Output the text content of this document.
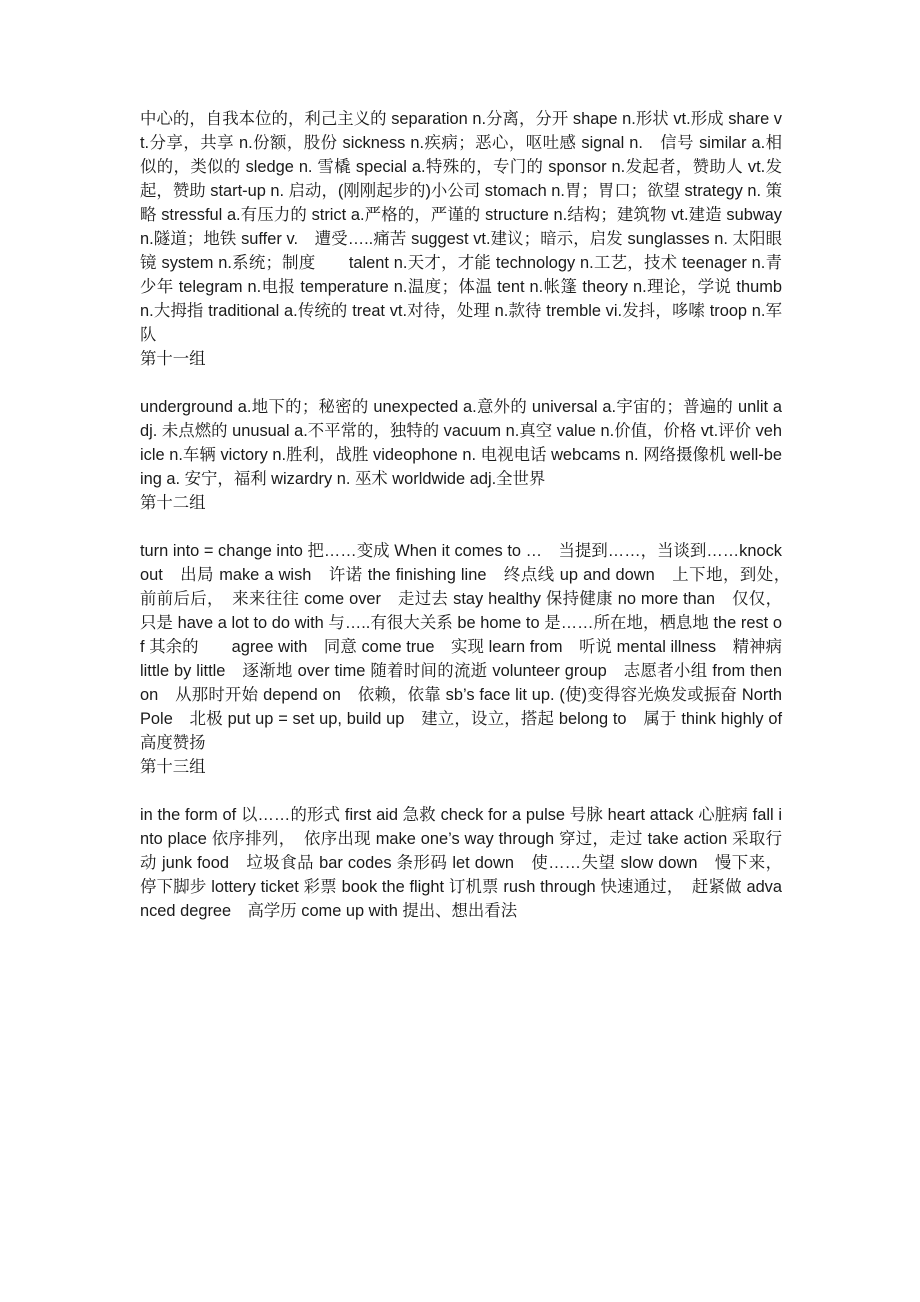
中心的，自我本位的，利己主义的 separation n.分离，分开 shape n.形状 vt.形成 share vt.分享，共享 n.份额，股份 sickness n.疾病；恶心，呕吐感 signal n.　信号 similar a.相似的，类似的 sledge n. 雪橇 special a.特殊的，专门的 sponsor n.发起者，赞助人 vt.发起，赞助 start-up n. 启动，(刚刚起步的)小公司 stomach n.胃；胃口；欲望 strategy n. 策略 stressful a.有压力的 strict a.严格的，严谨的 structure n.结构；建筑物 vt.建造 subway n.隧道；地铁 suffer v.　遭受…..痛苦 suggest vt.建议；暗示，启发 sunglasses n. 太阳眼镜 system n.系统；制度　　talent n.天才，才能 technology n.工艺，技术 teenager n.青少年 telegram n.电报 temperature n.温度；体温 tent n.帐篷 theory n.理论，学说 thumb n.大拇指 traditional a.传统的 treat vt.对待，处理 n.款待 tremble vi.发抖，哆嗦 troop n.军队

第十一组

underground a.地下的；秘密的 unexpected a.意外的 universal a.宇宙的；普遍的 unlit adj. 未点燃的 unusual a.不平常的，独特的 vacuum n.真空 value n.价值，价格 vt.评价 vehicle n.车辆 victory n.胜利，战胜 videophone n. 电视电话 webcams n. 网络摄像机 well-being a. 安宁，福利 wizardry n. 巫术 worldwide adj.全世界

第十二组

turn into = change into 把……变成 When it comes to …　当提到……，当谈到……knock out　出局 make a wish　许诺 the finishing line　终点线 up and down　上下地，到处，　前前后后，　来来往往 come over　走过去 stay healthy 保持健康 no more than　仅仅，只是 have a lot to do with 与…..有很大关系 be home to 是……所在地，栖息地 the rest of 其余的　　agree with　同意 come true　实现 learn from　听说 mental illness　精神病 little by little　逐渐地 over time 随着时间的流逝 volunteer group　志愿者小组 from then on　从那时开始 depend on　依赖，依靠 sb’s face lit up. (使)变得容光焕发或振奋 North Pole　北极 put up = set up, build up　建立，设立，搭起 belong to　属于 think highly of 高度赞扬

第十三组

in the form of 以……的形式 first aid 急救 check for a pulse 号脉 heart attack 心脏病 fall into place 依序排列，　依序出现 make one’s way through 穿过，走过 take action 采取行动 junk food　垃圾食品 bar codes 条形码 let down　使……失望 slow down　慢下来，停下脚步 lottery ticket 彩票 book the flight 订机票 rush through 快速通过，　赶紧做 advanced degree　高学历 come up with 提出、想出看法
